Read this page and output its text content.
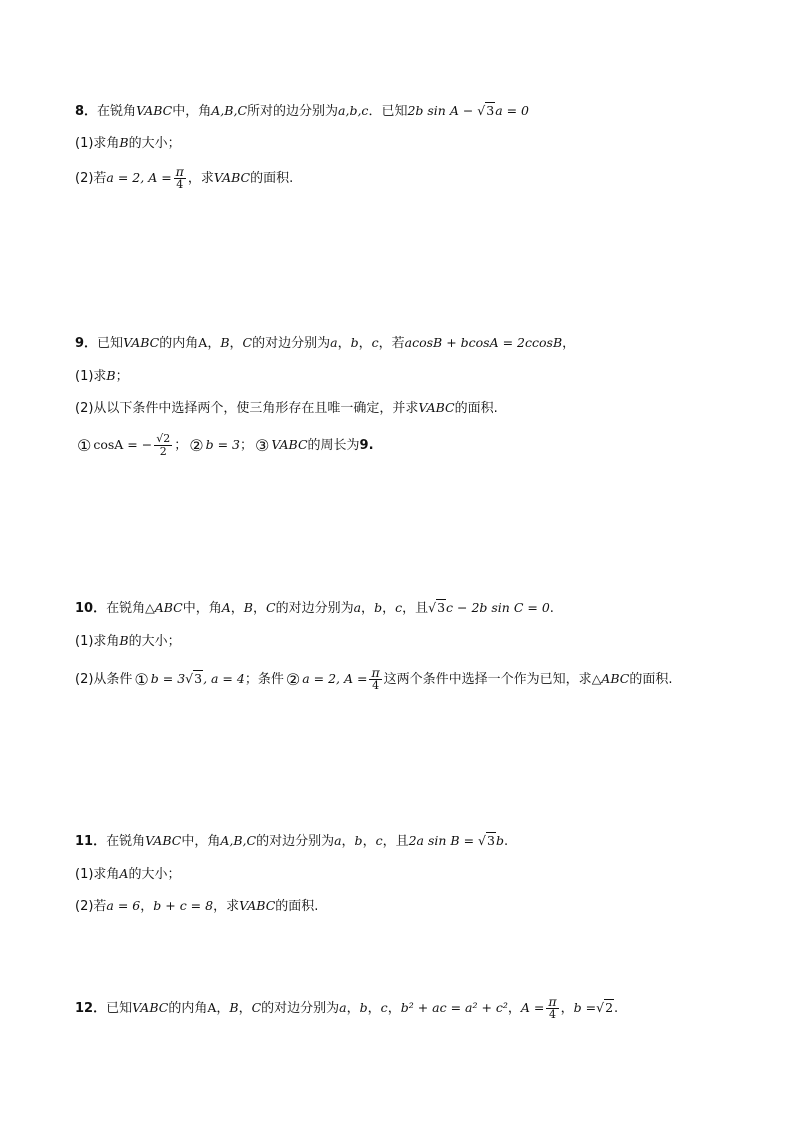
8．在锐角VABC中，角A,B,C所对的边分别为a,b,c．已知2b sin A − √3a = 0
(1)求角B的大小；
(2)若a = 2, $A = \frac{\pi}{4}$ ，求VABC的面积.
9．已知VABC的内角A，B，C的对边分别为a，b，c，若acosB + bcosA = 2ccosB，
(1)求B；
(2)从以下条件中选择两个，使三角形存在且唯一确定，并求VABC的面积.
① cosA = − $\frac{√2}{2}$ ； ② b = 3； ③ VABC的周长为9.
10．在锐角△ABC中，角A，B，C的对边分别为a，b，c，且√3c − 2b sin C = 0.
(1)求角B的大小；
(2)从条件 ① b = 3√3, a = 4；条件 ② a = 2, $A = \frac{\pi}{4}$ 这两个条件中选择一个作为已知，求△ABC的面积.
11．在锐角VABC中，角A,B,C的对边分别为a，b，c，且2a sin B = √3b.
(1)求角A的大小；
(2)若a = 6，b + c = 8，求VABC的面积.
12．已知VABC的内角A，B，C的对边分别为a，b，c，b² + ac = a² + c²，$A = \frac{\pi}{4}$ ，b =√2.
